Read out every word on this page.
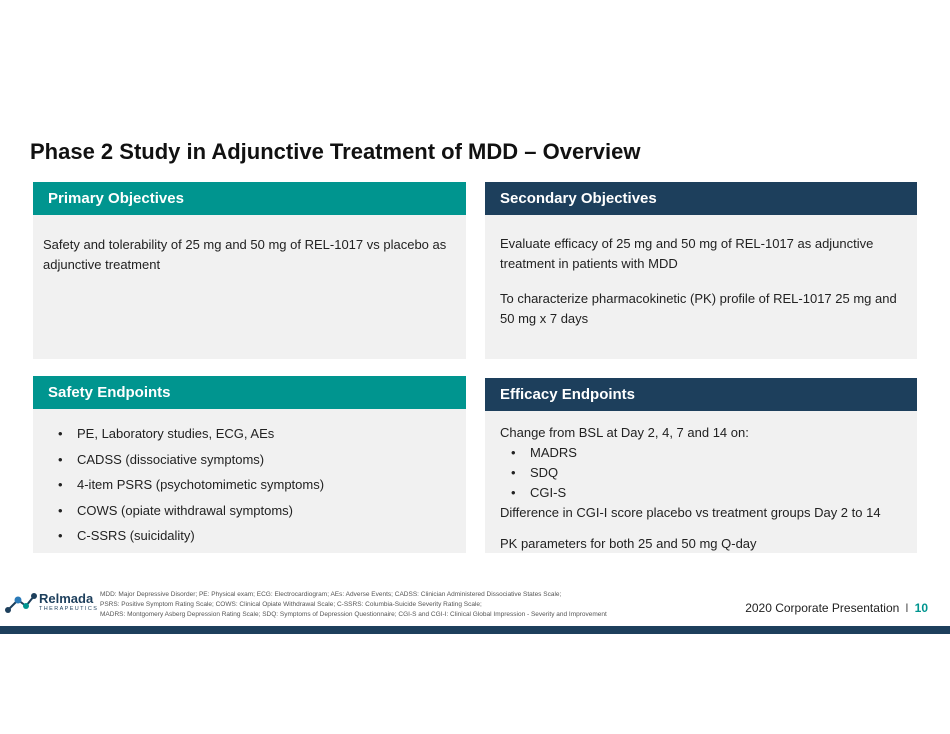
Phase 2 Study in Adjunctive Treatment of MDD – Overview
Primary Objectives

Safety and tolerability of 25 mg and 50 mg of REL-1017 vs placebo as adjunctive treatment

Secondary Objectives

Evaluate efficacy of 25 mg and 50 mg of REL-1017 as adjunctive treatment in patients with MDD

To characterize pharmacokinetic (PK) profile of REL-1017 25 mg and 50 mg x 7 days

Safety Endpoints
• PE, Laboratory studies, ECG, AEs
• CADSS (dissociative symptoms)
• 4-item PSRS (psychotomimetic symptoms)
• COWS (opiate withdrawal symptoms)
• C-SSRS (suicidality)
Efficacy Endpoints

Change from BSL at Day 2, 4, 7 and 14 on:

• MADRS
• SDQ
• CGI-S

Difference in CGI-I score placebo vs treatment groups Day 2 to 14

PK parameters for both 25 and 50 mg Q-day

Relmada
THERAPEUTICS
MDD: Major Depressive Disorder; PE: Physical exam; ECG: Electrocardiogram; AEs: Adverse Events; CADSS: Clinician Administered Dissociative States Scale;
PSRS: Positive Symptom Rating Scale; COWS: Clinical Opiate Withdrawal Scale; C-SSRS: Columbia-Suicide Severity Rating Scale;
MADRS: Montgomery Asberg Depression Rating Scale; SDQ: Symptoms of Depression Questionnaire; CGI-S and CGI-I: Clinical Global Impression - Severity and Improvement	2020 Corporate Presentation I 10
